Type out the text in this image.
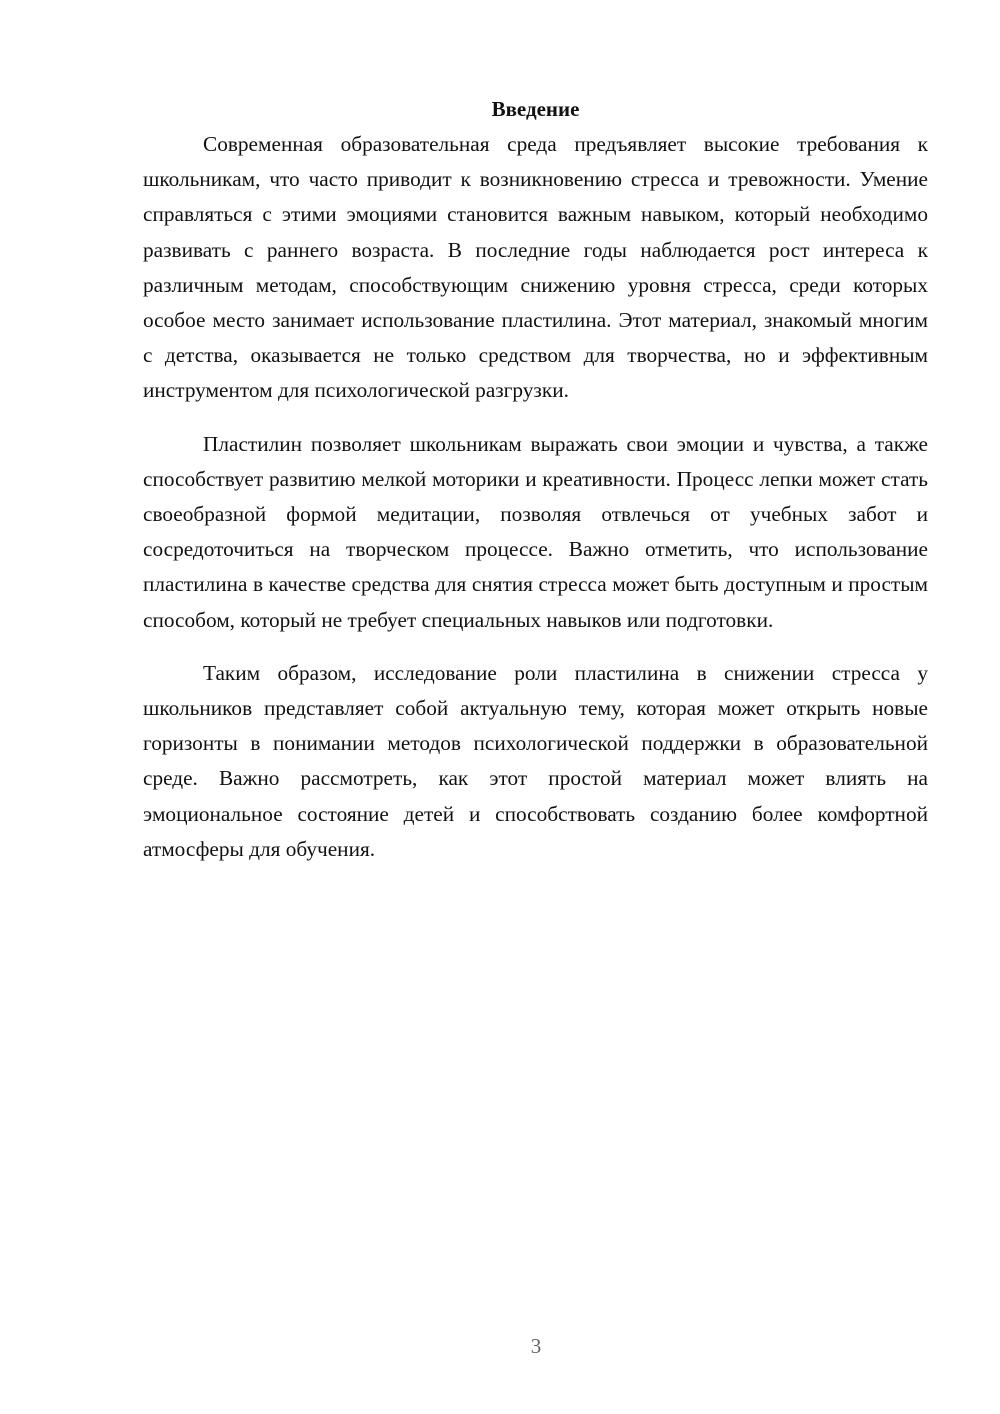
Введение

Современная образовательная среда предъявляет высокие требования к школьникам, что часто приводит к возникновению стресса и тревожности. Умение справляться с этими эмоциями становится важным навыком, который необходимо развивать с раннего возраста. В последние годы наблюдается рост интереса к различным методам, способствующим снижению уровня стресса, среди которых особое место занимает использование пластилина. Этот материал, знакомый многим с детства, оказывается не только средством для творчества, но и эффективным инструментом для психологической разгрузки.

Пластилин позволяет школьникам выражать свои эмоции и чувства, а также способствует развитию мелкой моторики и креативности. Процесс лепки может стать своеобразной формой медитации, позволяя отвлечься от учебных забот и сосредоточиться на творческом процессе. Важно отметить, что использование пластилина в качестве средства для снятия стресса может быть доступным и простым способом, который не требует специальных навыков или подготовки.

Таким образом, исследование роли пластилина в снижении стресса у школьников представляет собой актуальную тему, которая может открыть новые горизонты в понимании методов психологической поддержки в образовательной среде. Важно рассмотреть, как этот простой материал может влиять на эмоциональное состояние детей и способствовать созданию более комфортной атмосферы для обучения.

3
